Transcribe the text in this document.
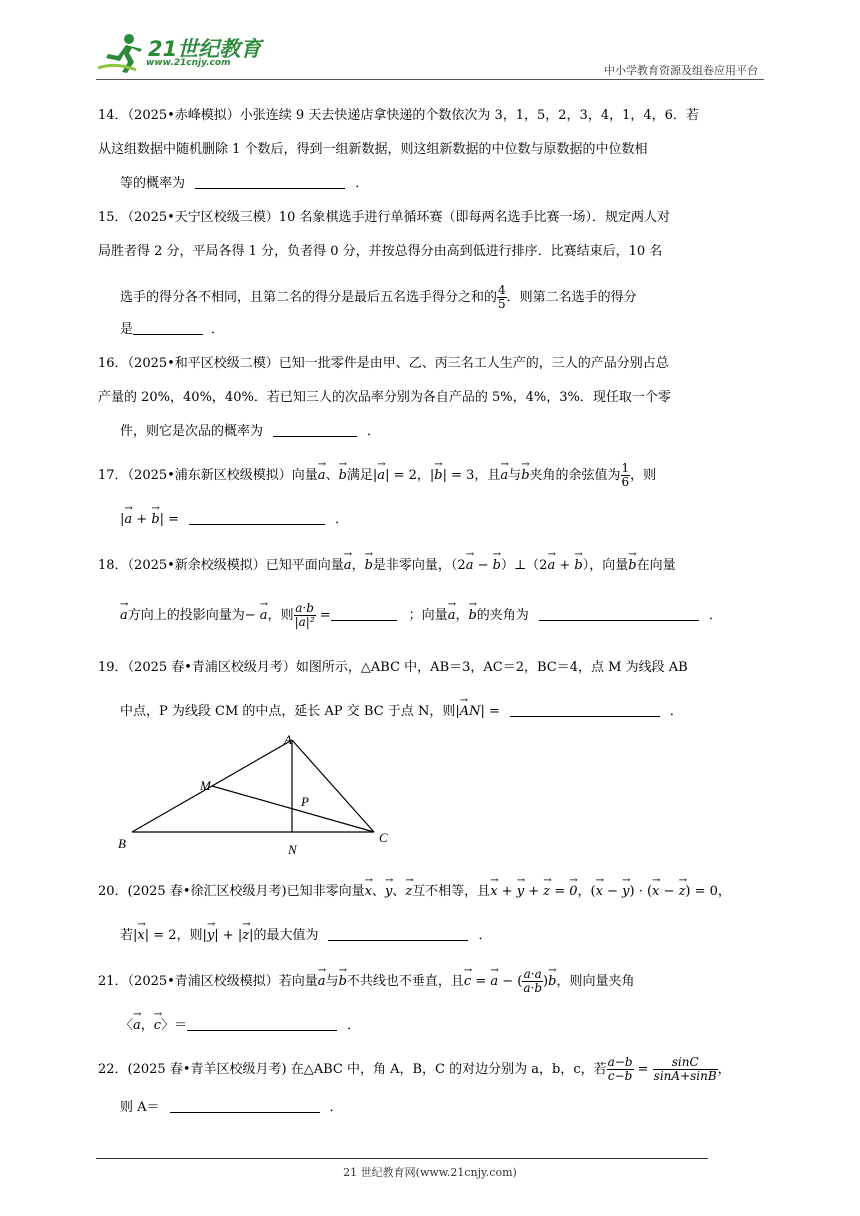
21世纪教育
www.21cnjy.com
中小学教育资源及组卷应用平台
14．（2025•赤峰模拟）小张连续 9 天去快递店拿快递的个数依次为 3，1，5，2，3，4，1，4，6．若
从这组数据中随机删除 1 个数后，得到一组新数据，则这组新数据的中位数与原数据的中位数相
等的概率为	．
15．（2025•天宁区校级三模）10 名象棋选手进行单循环赛（即每两名选手比赛一场）．规定两人对
局胜者得 2 分，平局各得 1 分，负者得 0 分，并按总得分由高到低进行排序．比赛结束后，10 名
选手的得分各不相同，且第二名的得分是最后五名选手得分之和的 $\frac{4}{5}$ ．则第二名选手的得分
是	．
16．（2025•和平区校级二模）已知一批零件是由甲、乙、丙三名工人生产的，三人的产品分别占总
产量的 20%，40%，40%．若已知三人的次品率分别为各自产品的 5%，4%，3%．现任取一个零
件，则它是次品的概率为	．
17．（2025•浦东新区校级模拟）向量→ a、→ b满足|→ a| = 2，|→ b| = 3，且→ a与→ b夹角的余弦值为 $\frac{1}{6}$ ，则
|→ a + → b| =	．
18．（2025•新余校级模拟）已知平面向量→ a，→ b是非零向量，（2→ a − → b）⊥（2→ a + → b），向量→ b在向量
→ a方向上的投影向量为− → a，则 $\frac{a\cdot b}{\text{|a|²}}$ =	；向量→ a，→ b的夹角为	．
19．（2025 春•青浦区校级月考）如图所示，△ABC 中，AB＝3，AC＝2，BC＝4，点 M 为线段 AB
中点，P 为线段 CM 的中点，延长 AP 交 BC 于点 N，则|→ AN| =	．
A
B	C
M
N
P
20．(2025 春•徐汇区校级月考)已知非零向量→ x、→ y、→ z互不相等，且→ x + → y + → z = → 0，(→ x − → y) · (→ x − → z) = 0，
若|→ x| = 2，则|→ y| + |→ z|的最大值为	．
21．（2025•青浦区校级模拟）若向量→ a与→ b不共线也不垂直，且→ c = → a − ( $\frac{a\cdot a}{a\cdot b}$ )→ b，则向量夹角
〈→ a，→ c〉＝	．
22．(2025 春•青羊区校级月考) 在△ABC 中，角 A，B，C 的对边分别为 a，b，c，若 $\frac{a-b}{c-b} = \frac{\sin C}{\sin A+\sin B}$ ，
则 A＝	．
21 世纪教育网(www.21cnjy.com)
